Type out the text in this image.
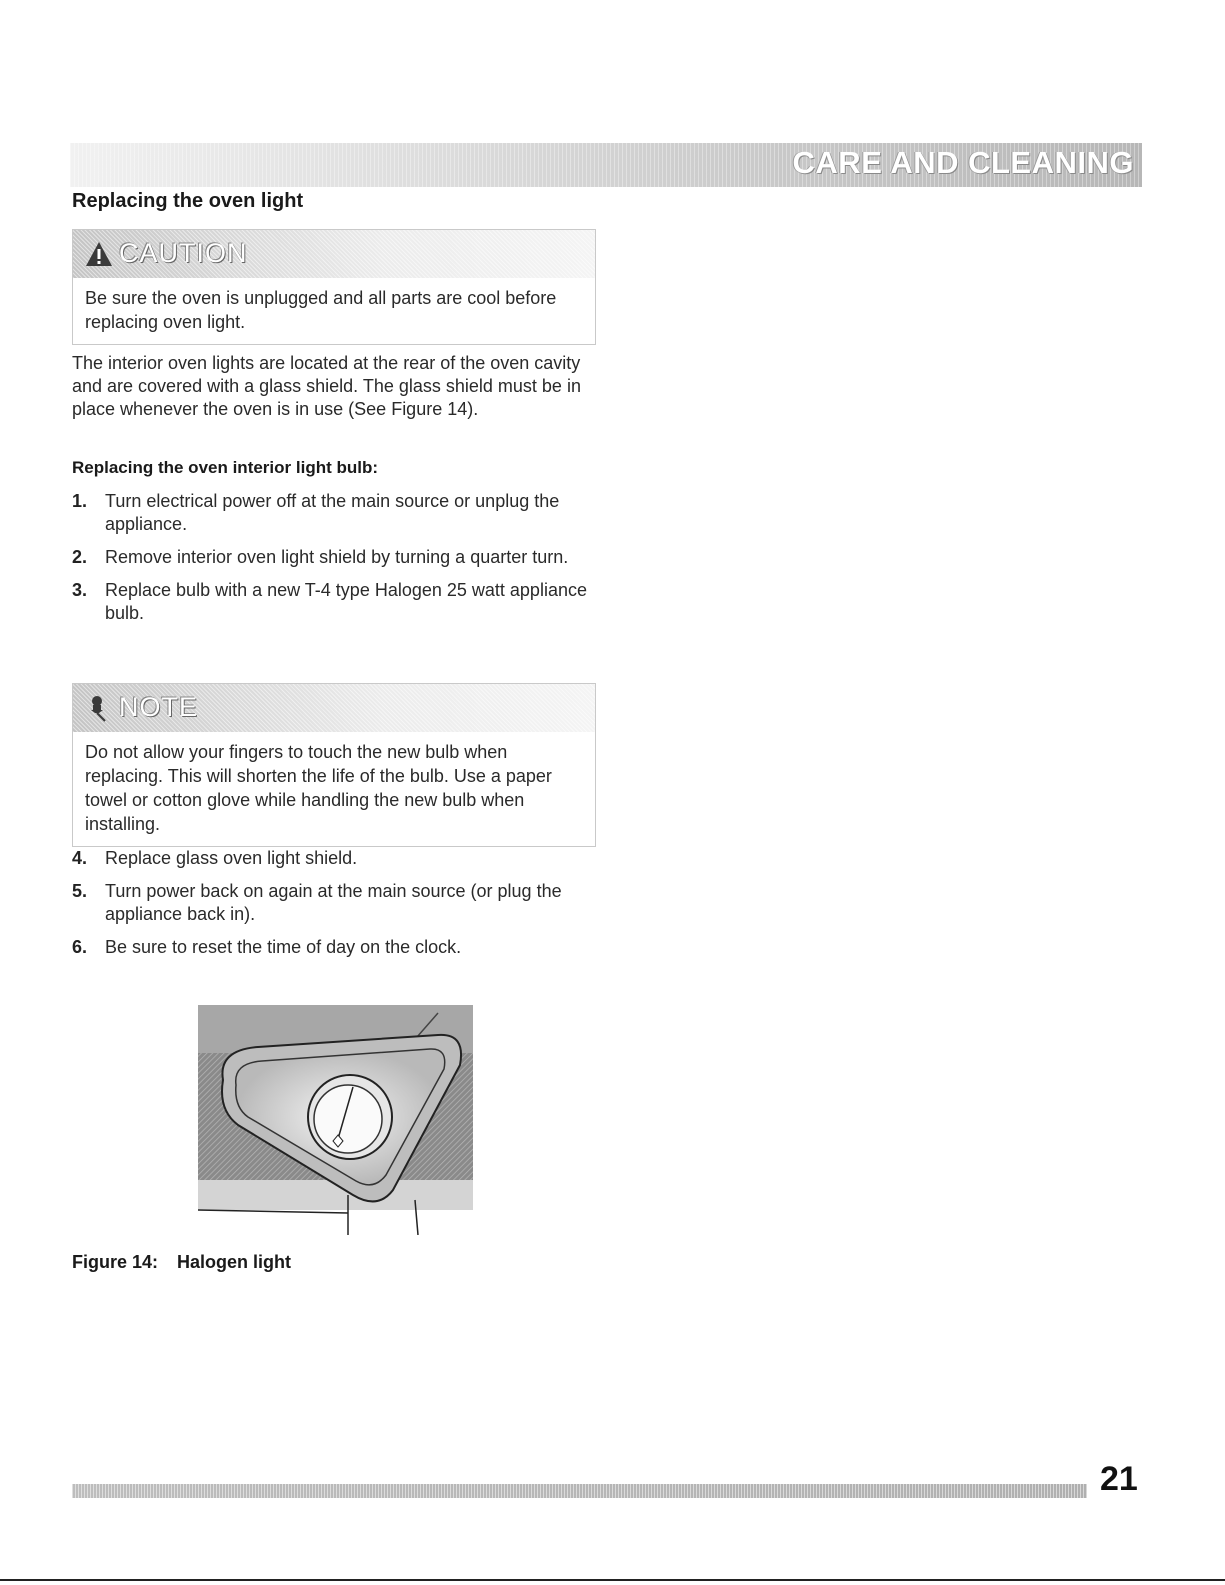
CARE AND CLEANING
Replacing the oven light
CAUTION

Be sure the oven is unplugged and all parts are cool before replacing oven light.

The interior oven lights are located at the rear of the oven cavity and are covered with a glass shield. The glass shield must be in place whenever the oven is in use (See Figure 14).

Replacing the oven interior light bulb:
1. Turn electrical power off at the main source or unplug the appliance.
2. Remove interior oven light shield by turning a quarter turn.
3. Replace bulb with a new T-4 type Halogen 25 watt appliance bulb.
NOTE

Do not allow your fingers to touch the new bulb when replacing. This will shorten the life of the bulb. Use a paper towel or cotton glove while handling the new bulb when installing.

4. Replace glass oven light shield.
5. Turn power back on again at the main source (or plug the appliance back in).
6. Be sure to reset the time of day on the clock.

Figure 14: Halogen light

21
